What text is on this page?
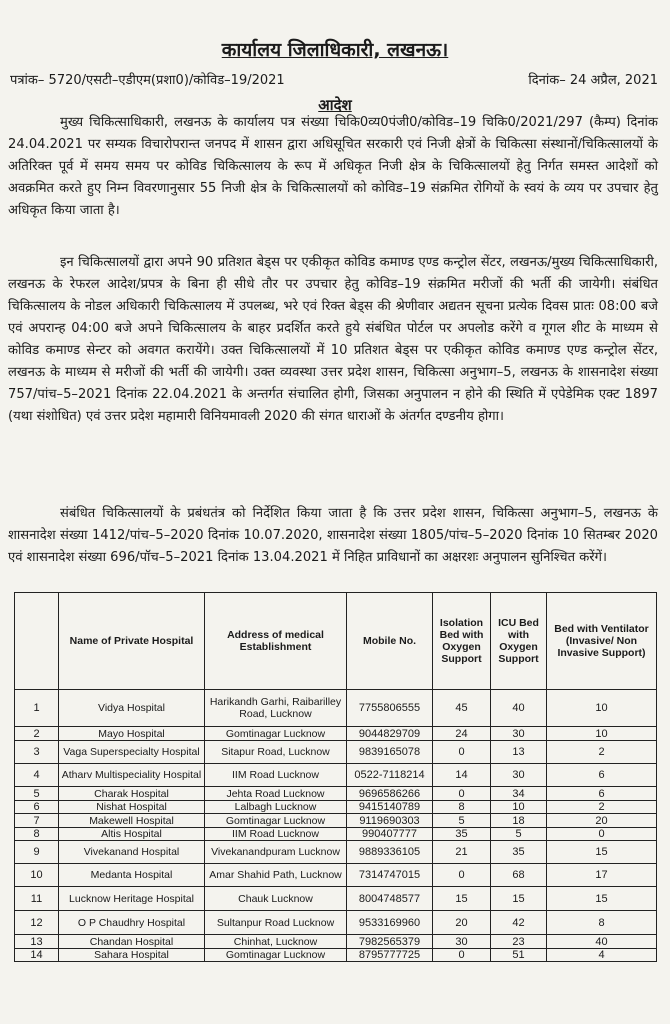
कार्यालय जिलाधिकारी, लखनऊ।
पत्रांक– 5720/एसटी–एडीएम(प्रशा0)/कोविड–19/2021	दिनांक– 24 अप्रैल, 2021
आदेश

मुख्य चिकित्साधिकारी, लखनऊ के कार्यालय पत्र संख्या चिकि0व्य0पंजी0/कोविड–19 चिकि0/2021/297 (कैम्प) दिनांक 24.04.2021 पर सम्यक विचारोपरान्त जनपद में शासन द्वारा अधिसूचित सरकारी एवं निजी क्षेत्रों के चिकित्सा संस्थानों/चिकित्सालयों के अतिरिक्त पूर्व में समय समय पर कोविड चिकित्सालय के रूप में अधिकृत निजी क्षेत्र के चिकित्सालयों हेतु निर्गत समस्त आदेशों को अवक्रमित करते हुए निम्न विवरणानुसार 55 निजी क्षेत्र के चिकित्सालयों को कोविड–19 संक्रमित रोगियों के स्वयं के व्यय पर उपचार हेतु अधिकृत किया जाता है।

इन चिकित्सालयों द्वारा अपने 90 प्रतिशत बेड्स पर एकीकृत कोविड कमाण्ड एण्ड कन्ट्रोल सेंटर, लखनऊ/मुख्य चिकित्साधिकारी, लखनऊ के रेफरल आदेश/प्रपत्र के बिना ही सीधे तौर पर उपचार हेतु कोविड–19 संक्रमित मरीजों की भर्ती की जायेगी। संबंधित चिकित्सालय के नोडल अधिकारी चिकित्सालय में उपलब्ध, भरे एवं रिक्त बेड्स की श्रेणीवार अद्यतन सूचना प्रत्येक दिवस प्रातः 08:00 बजे एवं अपरान्ह 04:00 बजे अपने चिकित्सालय के बाहर प्रदर्शित करते हुये संबंधित पोर्टल पर अपलोड करेंगे व गूगल शीट के माध्यम से कोविड कमाण्ड सेन्टर को अवगत करायेंगे। उक्त चिकित्सालयों में 10 प्रतिशत बेड्स पर एकीकृत कोविड कमाण्ड एण्ड कन्ट्रोल सेंटर, लखनऊ के माध्यम से मरीजों की भर्ती की जायेगी। उक्त व्यवस्था उत्तर प्रदेश शासन, चिकित्सा अनुभाग–5, लखनऊ के शासनादेश संख्या 757/पांच–5–2021 दिनांक 22.04.2021 के अन्तर्गत संचालित होगी, जिसका अनुपालन न होने की स्थिति में एपेडेमिक एक्ट 1897 (यथा संशोधित) एवं उत्तर प्रदेश महामारी विनियमावली 2020 की संगत धाराओं के अंतर्गत दण्डनीय होगा।

संबंधित चिकित्सालयों के प्रबंधतंत्र को निर्देशित किया जाता है कि उत्तर प्रदेश शासन, चिकित्सा अनुभाग–5, लखनऊ के शासनादेश संख्या 1412/पांच–5–2020 दिनांक 10.07.2020, शासनादेश संख्या 1805/पांच–5–2020 दिनांक 10 सितम्बर 2020 एवं शासनादेश संख्या 696/पॉच–5–2021 दिनांक 13.04.2021 में निहित प्राविधानों का अक्षरशः अनुपालन सुनिश्चित करेंगें।

	Name of Private Hospital	Address of medical Establishment	Mobile No.	Isolation Bed with Oxygen Support	ICU Bed with Oxygen Support	Bed with Ventilator (Invasive/ Non Invasive Support)
1	Vidya Hospital	Harikandh Garhi, Raibarilley Road, Lucknow	7755806555	45	40	10
2	Mayo Hospital	Gomtinagar Lucknow	9044829709	24	30	10
3	Vaga Superspecialty Hospital	Sitapur Road, Lucknow	9839165078	0	13	2
4	Atharv Multispeciality Hospital	IIM Road Lucknow	0522-7118214	14	30	6
5	Charak Hospital	Jehta Road Lucknow	9696586266	0	34	6
6	Nishat Hospital	Lalbagh Lucknow	9415140789	8	10	2
7	Makewell Hospital	Gomtinagar Lucknow	9119690303	5	18	20
8	Altis Hospital	IIM Road Lucknow	990407777	35	5	0
9	Vivekanand Hospital	Vivekanandpuram Lucknow	9889336105	21	35	15
10	Medanta Hospital	Amar Shahid Path, Lucknow	7314747015	0	68	17
11	Lucknow Heritage Hospital	Chauk Lucknow	8004748577	15	15	15
12	O P Chaudhry Hospital	Sultanpur Road Lucknow	9533169960	20	42	8
13	Chandan Hospital	Chinhat, Lucknow	7982565379	30	23	40
14	Sahara Hospital	Gomtinagar Lucknow	8795777725	0	51	4
